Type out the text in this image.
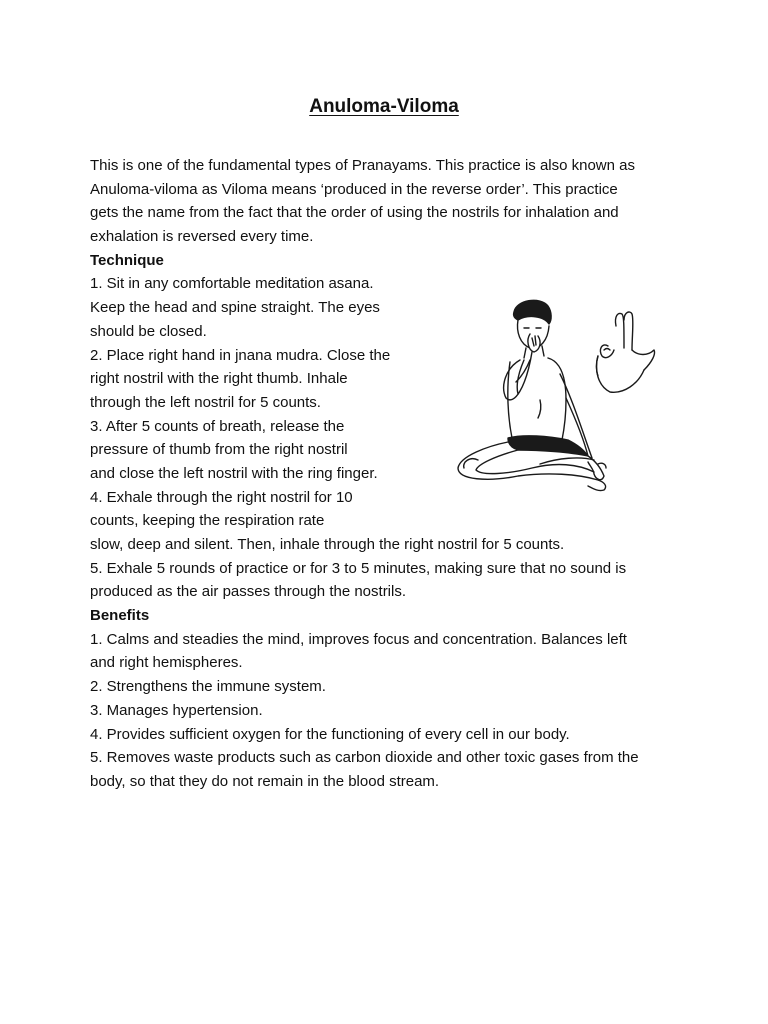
Anuloma-Viloma
This is one of the fundamental types of Pranayams. This practice is also known as
Anuloma-viloma as Viloma means ‘produced in the reverse order’. This practice
gets the name from the fact that the order of using the nostrils for inhalation and
exhalation is reversed every time.
Technique
1. Sit in any comfortable meditation asana.
Keep the head and spine straight. The eyes
should be closed.
2. Place right hand in jnana mudra. Close the
right nostril with the right thumb. Inhale
through the left nostril for 5 counts.
3. After 5 counts of breath, release the
pressure of thumb from the right nostril
and close the left nostril with the ring finger.
4. Exhale through the right nostril for 10
counts, keeping the respiration rate
slow, deep and silent. Then, inhale through the right nostril for 5 counts.
5. Exhale 5 rounds of practice or for 3 to 5 minutes, making sure that no sound is
produced as the air passes through the nostrils.
Benefits
1. Calms and steadies the mind, improves focus and concentration. Balances left
and right hemispheres.
2. Strengthens the immune system.
3. Manages hypertension.
4. Provides sufficient oxygen for the functioning of every cell in our body.
5. Removes waste products such as carbon dioxide and other toxic gases from the
body, so that they do not remain in the blood stream.
